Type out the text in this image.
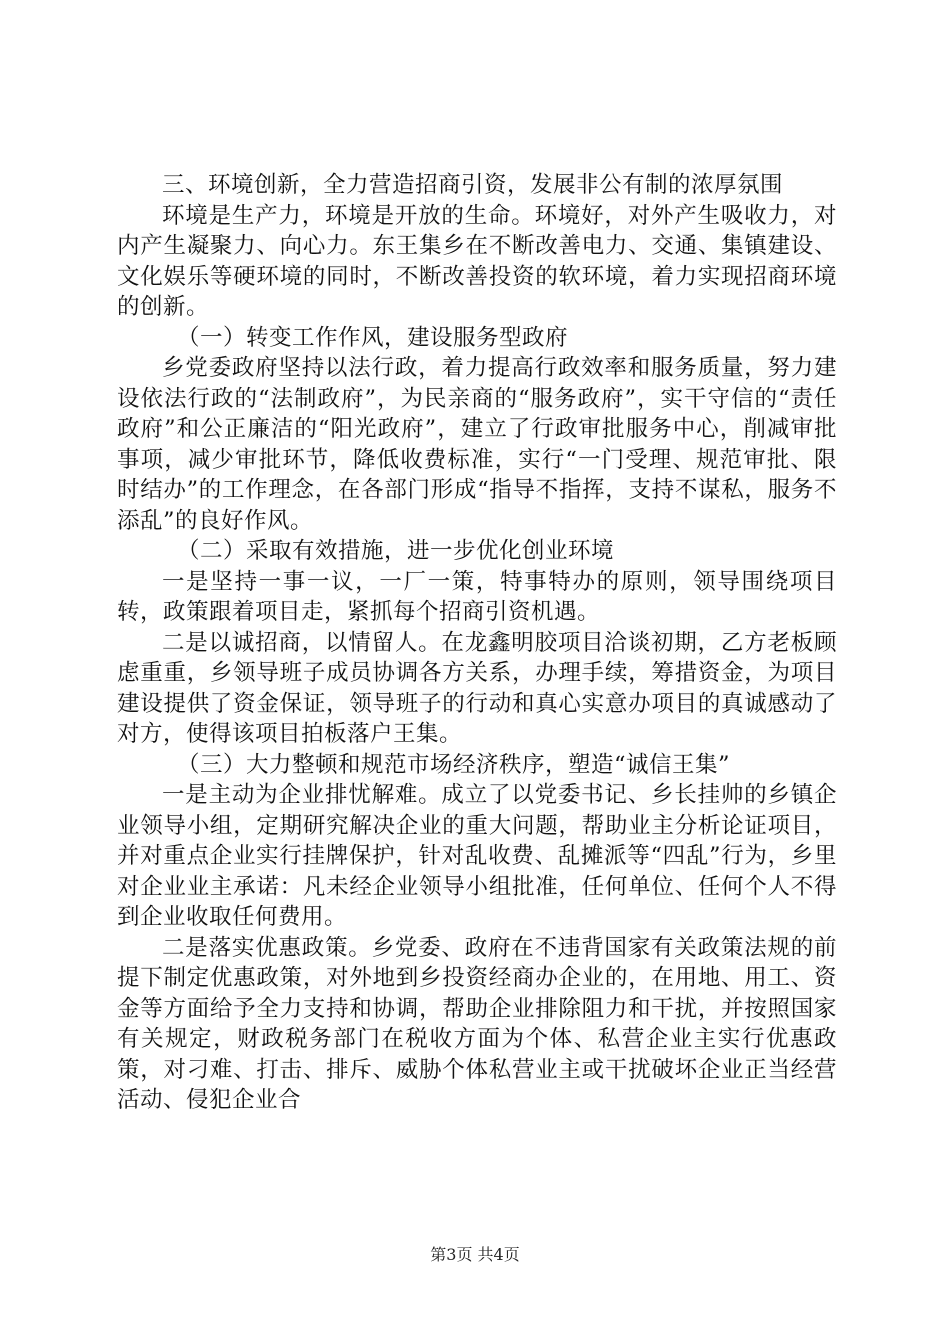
三、环境创新，全力营造招商引资，发展非公有制的浓厚氛围

环境是生产力，环境是开放的生命。环境好，对外产生吸收力，对内产生凝聚力、向心力。东王集乡在不断改善电力、交通、集镇建设、文化娱乐等硬环境的同时，不断改善投资的软环境，着力实现招商环境的创新。

（一）转变工作作风，建设服务型政府

乡党委政府坚持以法行政，着力提高行政效率和服务质量，努力建设依法行政的“法制政府”，为民亲商的“服务政府”，实干守信的“责任政府”和公正廉洁的“阳光政府”，建立了行政审批服务中心，削减审批事项，减少审批环节，降低收费标准，实行“一门受理、规范审批、限时结办”的工作理念，在各部门形成“指导不指挥，支持不谋私，服务不添乱”的良好作风。

（二）采取有效措施，进一步优化创业环境

一是坚持一事一议，一厂一策，特事特办的原则，领导围绕项目转，政策跟着项目走，紧抓每个招商引资机遇。

二是以诚招商，以情留人。在龙鑫明胶项目洽谈初期，乙方老板顾虑重重，乡领导班子成员协调各方关系，办理手续，筹措资金，为项目建设提供了资金保证，领导班子的行动和真心实意办项目的真诚感动了对方，使得该项目拍板落户王集。

（三）大力整顿和规范市场经济秩序，塑造“诚信王集”

一是主动为企业排忧解难。成立了以党委书记、乡长挂帅的乡镇企业领导小组，定期研究解决企业的重大问题，帮助业主分析论证项目，并对重点企业实行挂牌保护，针对乱收费、乱摊派等“四乱”行为，乡里对企业业主承诺：凡未经企业领导小组批准，任何单位、任何个人不得到企业收取任何费用。

二是落实优惠政策。乡党委、政府在不违背国家有关政策法规的前提下制定优惠政策，对外地到乡投资经商办企业的，在用地、用工、资金等方面给予全力支持和协调，帮助企业排除阻力和干扰，并按照国家有关规定，财政税务部门在税收方面为个体、私营企业主实行优惠政策，对刁难、打击、排斥、威胁个体私营业主或干扰破坏企业正当经营活动、侵犯企业合

第3页 共4页
